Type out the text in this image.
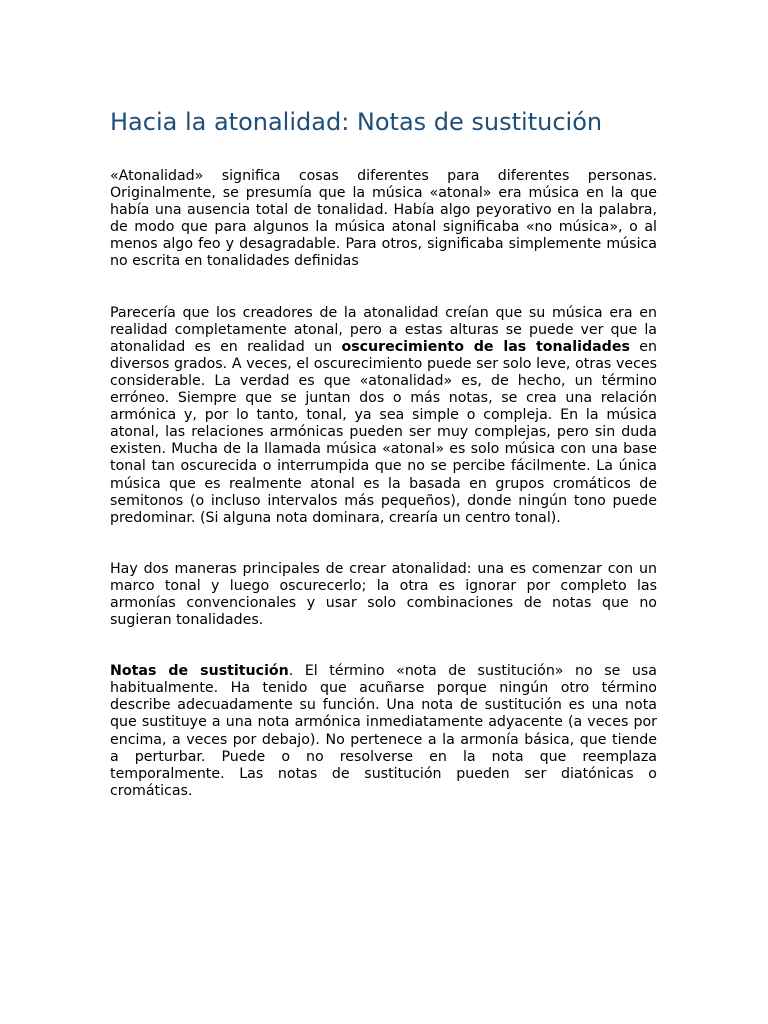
Hacia la atonalidad: Notas de sustitución

«Atonalidad» significa cosas diferentes para diferentes personas. Originalmente, se presumía que la música «atonal» era música en la que había una ausencia total de tonalidad. Había algo peyorativo en la palabra, de modo que para algunos la música atonal significaba «no música», o al menos algo feo y desagradable. Para otros, significaba simplemente música no escrita en tonalidades definidas

Parecería que los creadores de la atonalidad creían que su música era en realidad completamente atonal, pero a estas alturas se puede ver que la atonalidad es en realidad un oscurecimiento de las tonalidades en diversos grados. A veces, el oscurecimiento puede ser solo leve, otras veces considerable. La verdad es que «atonalidad» es, de hecho, un término erróneo. Siempre que se juntan dos o más notas, se crea una relación armónica y, por lo tanto, tonal, ya sea simple o compleja. En la música atonal, las relaciones armónicas pueden ser muy complejas, pero sin duda existen. Mucha de la llamada música «atonal» es solo música con una base tonal tan oscurecida o interrumpida que no se percibe fácilmente. La única música que es realmente atonal es la basada en grupos cromáticos de semitonos (o incluso intervalos más pequeños), donde ningún tono puede predominar. (Si alguna nota dominara, crearía un centro tonal).

Hay dos maneras principales de crear atonalidad: una es comenzar con un marco tonal y luego oscurecerlo; la otra es ignorar por completo las armonías convencionales y usar solo combinaciones de notas que no sugieran tonalidades.

Notas de sustitución. El término «nota de sustitución» no se usa habitualmente. Ha tenido que acuñarse porque ningún otro término describe adecuadamente su función. Una nota de sustitución es una nota que sustituye a una nota armónica inmediatamente adyacente (a veces por encima, a veces por debajo). No pertenece a la armonía básica, que tiende a perturbar. Puede o no resolverse en la nota que reemplaza temporalmente. Las notas de sustitución pueden ser diatónicas o cromáticas.
